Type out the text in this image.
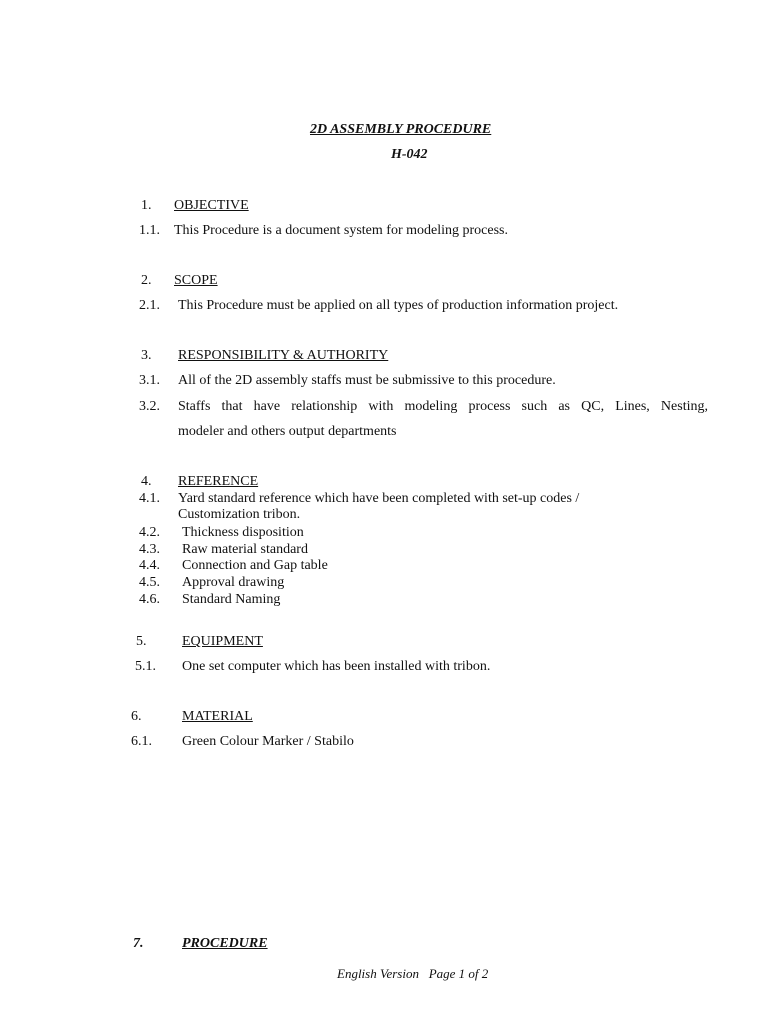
2D ASSEMBLY PROCEDURE
H-042
1. OBJECTIVE
1.1. This Procedure is a document system for modeling process.
2. SCOPE
2.1. This Procedure must be applied on all types of production information project.
3. RESPONSIBILITY & AUTHORITY
3.1. All of the 2D assembly staffs must be submissive to this procedure.
3.2. Staffs that have relationship with modeling process such as QC, Lines, Nesting,
modeler and others output departments
4. REFERENCE
4.1. Yard standard reference which have been completed with set-up codes /
Customization tribon.
4.2. Thickness disposition
4.3. Raw material standard
4.4. Connection and Gap table
4.5. Approval drawing
4.6. Standard Naming
5.	EQUIPMENT
5.1. One set computer which has been installed with tribon.
6.	MATERIAL
6.1. Green Colour Marker / Stabilo
7.	PROCEDURE
English Version   Page 1 of 2
